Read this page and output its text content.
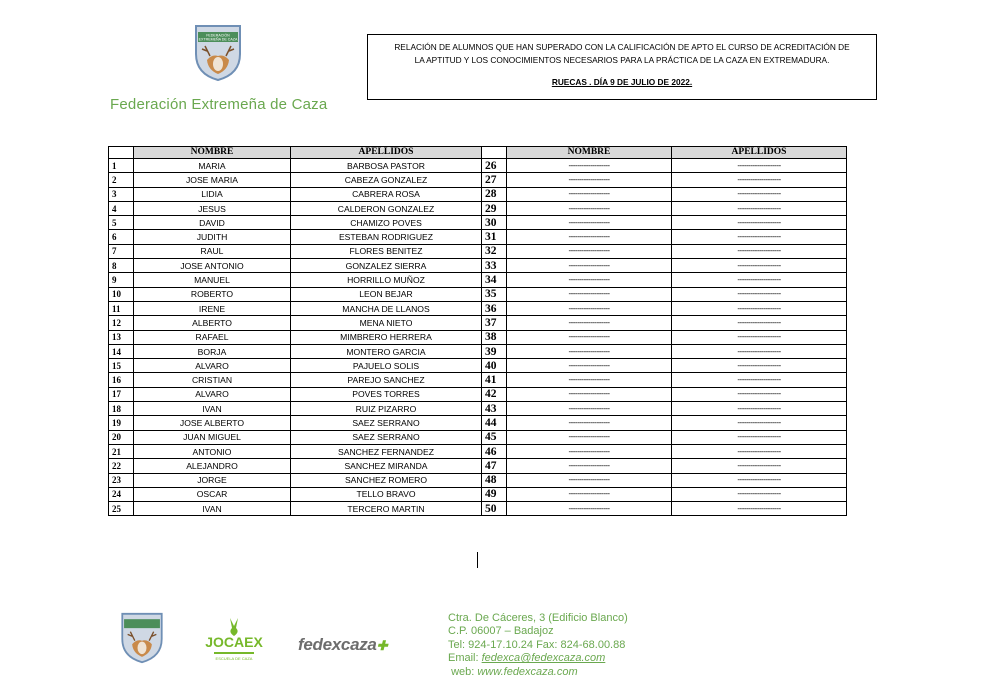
FEDERACIÓN
EXTREMEÑA DE CAZA
Federación Extremeña de Caza
RELACIÓN DE ALUMNOS QUE HAN SUPERADO CON LA CALIFICACIÓN DE APTO EL CURSO DE ACREDITACIÓN DE
LA APTITUD Y LOS CONOCIMIENTOS NECESARIOS PARA LA PRÁCTICA DE LA CAZA EN EXTREMADURA.
RUECAS . DÍA 9 DE JULIO DE 2022.
	NOMBRE	APELLIDOS		NOMBRE	APELLIDOS
1	MARIA	BARBOSA PASTOR	26	-------------------	--------------------
2	JOSE MARIA	CABEZA GONZALEZ	27	-------------------	--------------------
3	LIDIA	CABRERA ROSA	28	-------------------	--------------------
4	JESUS	CALDERON GONZALEZ	29	-------------------	--------------------
5	DAVID	CHAMIZO POVES	30	-------------------	--------------------
6	JUDITH	ESTEBAN RODRIGUEZ	31	-------------------	--------------------
7	RAUL	FLORES BENITEZ	32	-------------------	--------------------
8	JOSE ANTONIO	GONZALEZ SIERRA	33	-------------------	--------------------
9	MANUEL	HORRILLO MUÑOZ	34	-------------------	--------------------
10	ROBERTO	LEON BEJAR	35	-------------------	--------------------
11	IRENE	MANCHA DE LLANOS	36	-------------------	--------------------
12	ALBERTO	MENA NIETO	37	-------------------	--------------------
13	RAFAEL	MIMBRERO HERRERA	38	-------------------	--------------------
14	BORJA	MONTERO GARCIA	39	-------------------	--------------------
15	ALVARO	PAJUELO SOLIS	40	-------------------	--------------------
16	CRISTIAN	PAREJO SANCHEZ	41	-------------------	--------------------
17	ALVARO	POVES TORRES	42	-------------------	--------------------
18	IVAN	RUIZ PIZARRO	43	-------------------	--------------------
19	JOSE ALBERTO	SAEZ SERRANO	44	-------------------	--------------------
20	JUAN MIGUEL	SAEZ SERRANO	45	-------------------	--------------------
21	ANTONIO	SANCHEZ FERNANDEZ	46	-------------------	--------------------
22	ALEJANDRO	SANCHEZ MIRANDA	47	-------------------	--------------------
23	JORGE	SANCHEZ ROMERO	48	-------------------	--------------------
24	OSCAR	TELLO BRAVO	49	-------------------	--------------------
25	IVAN	TERCERO MARTIN	50	-------------------	--------------------
JOCAEX
ESCUELA DE CAZA
fedexcaza✚
Ctra. De Cáceres, 3 (Edificio Blanco)
C.P. 06007 – Badajoz
Tel: 924-17.10.24 Fax: 824-68.00.88
Email: fedexca@fedexcaza.com
web: www.fedexcaza.com
